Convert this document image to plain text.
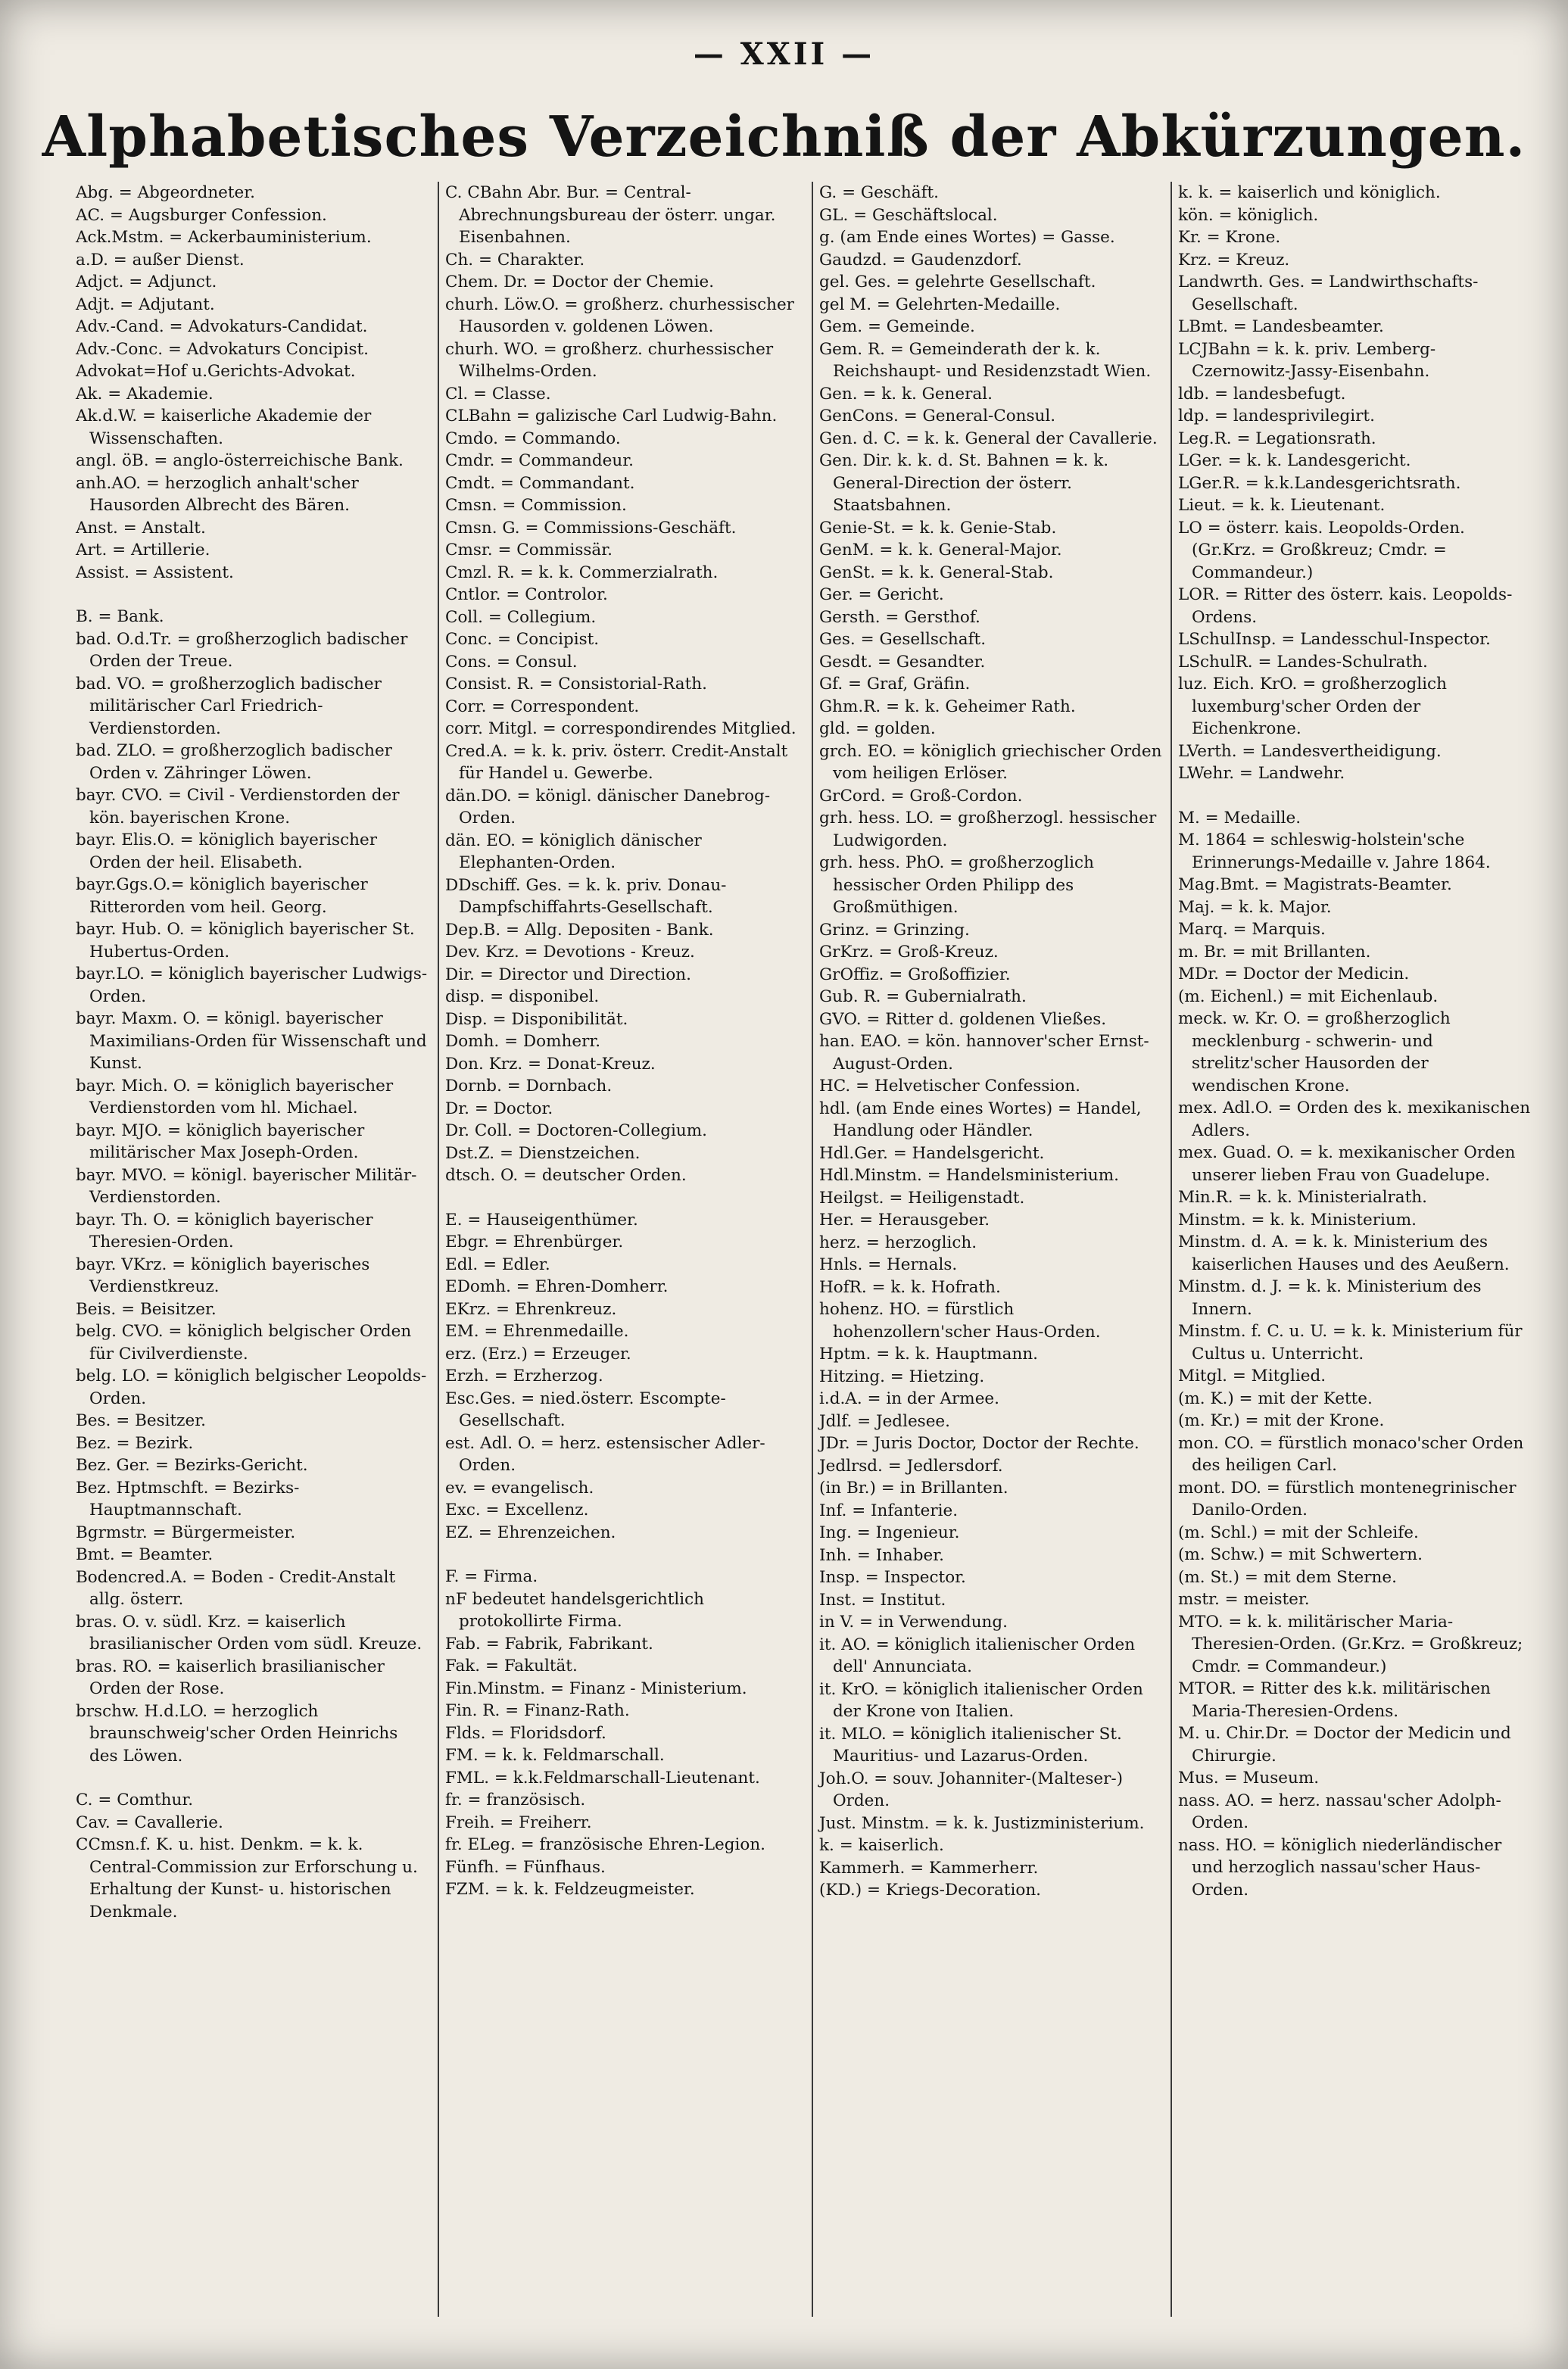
— XXII —
Alphabetisches Verzeichniß der Abkürzungen.
Abg. = Abgeordneter.
AC. = Augsburger Confession.
Ack.Mstm. = Ackerbauministerium.
a.D. = außer Dienst.
Adjct. = Adjunct.
Adjt. = Adjutant.
Adv.-Cand. = Advokaturs-Candidat.
Adv.-Conc. = Advokaturs Concipist.
Advokat=Hof u.Gerichts-Advokat.
Ak. = Akademie.
Ak.d.W. = kaiserliche Akademie der Wissenschaften.
angl. öB. = anglo-österreichische Bank.
anh.AO. = herzoglich anhalt'scher Hausorden Albrecht des Bären.
Anst. = Anstalt.
Art. = Artillerie.
Assist. = Assistent.
B. = Bank.
bad. O.d.Tr. = großherzoglich badischer Orden der Treue.
bad. VO. = großherzoglich badischer militärischer Carl Friedrich-Verdienstorden.
bad. ZLO. = großherzoglich badischer Orden v. Zähringer Löwen.
bayr. CVO. = Civil - Verdienstorden der kön. bayerischen Krone.
bayr. Elis.O. = königlich bayerischer Orden der heil. Elisabeth.
bayr.Ggs.O.= königlich bayerischer Ritterorden vom heil. Georg.
bayr. Hub. O. = königlich bayerischer St. Hubertus-Orden.
bayr.LO. = königlich bayerischer Ludwigs-Orden.
bayr. Maxm. O. = königl. bayerischer Maximilians-Orden für Wissenschaft und Kunst.
bayr. Mich. O. = königlich bayerischer Verdienstorden vom hl. Michael.
bayr. MJO. = königlich bayerischer militärischer Max Joseph-Orden.
bayr. MVO. = königl. bayerischer Militär-Verdienstorden.
bayr. Th. O. = königlich bayerischer Theresien-Orden.
bayr. VKrz. = königlich bayerisches Verdienstkreuz.
Beis. = Beisitzer.
belg. CVO. = königlich belgischer Orden für Civilverdienste.
belg. LO. = königlich belgischer Leopolds-Orden.
Bes. = Besitzer.
Bez. = Bezirk.
Bez. Ger. = Bezirks-Gericht.
Bez. Hptmschft. = Bezirks-Hauptmannschaft.
Bgrmstr. = Bürgermeister.
Bmt. = Beamter.
Bodencred.A. = Boden - Credit-Anstalt allg. österr.
bras. O. v. südl. Krz. = kaiserlich brasilianischer Orden vom südl. Kreuze.
bras. RO. = kaiserlich brasilianischer Orden der Rose.
brschw. H.d.LO. = herzoglich braunschweig'scher Orden Heinrichs des Löwen.
C. = Comthur.
Cav. = Cavallerie.
CCmsn.f. K. u. hist. Denkm. = k. k. Central-Commission zur Erforschung u. Erhaltung der Kunst- u. historischen Denkmale.
C. CBahn Abr. Bur. = Central-Abrechnungsbureau der österr. ungar. Eisenbahnen.
Ch. = Charakter.
Chem. Dr. = Doctor der Chemie.
churh. Löw.O. = großherz. churhessischer Hausorden v. goldenen Löwen.
churh. WO. = großherz. churhessischer Wilhelms-Orden.
Cl. = Classe.
CLBahn = galizische Carl Ludwig-Bahn.
Cmdo. = Commando.
Cmdr. = Commandeur.
Cmdt. = Commandant.
Cmsn. = Commission.
Cmsn. G. = Commissions-Geschäft.
Cmsr. = Commissär.
Cmzl. R. = k. k. Commerzialrath.
Cntlor. = Controlor.
Coll. = Collegium.
Conc. = Concipist.
Cons. = Consul.
Consist. R. = Consistorial-Rath.
Corr. = Correspondent.
corr. Mitgl. = correspondirendes Mitglied.
Cred.A. = k. k. priv. österr. Credit-Anstalt für Handel u. Gewerbe.
dän.DO. = königl. dänischer Danebrog-Orden.
dän. EO. = königlich dänischer Elephanten-Orden.
DDschiff. Ges. = k. k. priv. Donau-Dampfschiffahrts-Gesellschaft.
Dep.B. = Allg. Depositen - Bank.
Dev. Krz. = Devotions - Kreuz.
Dir. = Director und Direction.
disp. = disponibel.
Disp. = Disponibilität.
Domh. = Domherr.
Don. Krz. = Donat-Kreuz.
Dornb. = Dornbach.
Dr. = Doctor.
Dr. Coll. = Doctoren-Collegium.
Dst.Z. = Dienstzeichen.
dtsch. O. = deutscher Orden.
E. = Hauseigenthümer.
Ebgr. = Ehrenbürger.
Edl. = Edler.
EDomh. = Ehren-Domherr.
EKrz. = Ehrenkreuz.
EM. = Ehrenmedaille.
erz. (Erz.) = Erzeuger.
Erzh. = Erzherzog.
Esc.Ges. = nied.österr. Escompte-Gesellschaft.
est. Adl. O. = herz. estensischer Adler-Orden.
ev. = evangelisch.
Exc. = Excellenz.
EZ. = Ehrenzeichen.
F. = Firma.
nF bedeutet handelsgerichtlich protokollirte Firma.
Fab. = Fabrik, Fabrikant.
Fak. = Fakultät.
Fin.Minstm. = Finanz - Ministerium.
Fin. R. = Finanz-Rath.
Flds. = Floridsdorf.
FM. = k. k. Feldmarschall.
FML. = k.k.Feldmarschall-Lieutenant.
fr. = französisch.
Freih. = Freiherr.
fr. ELeg. = französische Ehren-Legion.
Fünfh. = Fünfhaus.
FZM. = k. k. Feldzeugmeister.
G. = Geschäft.
GL. = Geschäftslocal.
g. (am Ende eines Wortes) = Gasse.
Gaudzd. = Gaudenzdorf.
gel. Ges. = gelehrte Gesellschaft.
gel M. = Gelehrten-Medaille.
Gem. = Gemeinde.
Gem. R. = Gemeinderath der k. k. Reichshaupt- und Residenzstadt Wien.
Gen. = k. k. General.
GenCons. = General-Consul.
Gen. d. C. = k. k. General der Cavallerie.
Gen. Dir. k. k. d. St. Bahnen = k. k. General-Direction der österr. Staatsbahnen.
Genie-St. = k. k. Genie-Stab.
GenM. = k. k. General-Major.
GenSt. = k. k. General-Stab.
Ger. = Gericht.
Gersth. = Gersthof.
Ges. = Gesellschaft.
Gesdt. = Gesandter.
Gf. = Graf, Gräfin.
Ghm.R. = k. k. Geheimer Rath.
gld. = golden.
grch. EO. = königlich griechischer Orden vom heiligen Erlöser.
GrCord. = Groß-Cordon.
grh. hess. LO. = großherzogl. hessischer Ludwigorden.
grh. hess. PhO. = großherzoglich hessischer Orden Philipp des Großmüthigen.
Grinz. = Grinzing.
GrKrz. = Groß-Kreuz.
GrOffiz. = Großoffizier.
Gub. R. = Gubernialrath.
GVO. = Ritter d. goldenen Vließes.
han. EAO. = kön. hannover'scher Ernst-August-Orden.
HC. = Helvetischer Confession.
hdl. (am Ende eines Wortes) = Handel, Handlung oder Händler.
Hdl.Ger. = Handelsgericht.
Hdl.Minstm. = Handelsministerium.
Heilgst. = Heiligenstadt.
Her. = Herausgeber.
herz. = herzoglich.
Hnls. = Hernals.
HofR. = k. k. Hofrath.
hohenz. HO. = fürstlich hohenzollern'scher Haus-Orden.
Hptm. = k. k. Hauptmann.
Hitzing. = Hietzing.
i.d.A. = in der Armee.
Jdlf. = Jedlesee.
JDr. = Juris Doctor, Doctor der Rechte.
Jedlrsd. = Jedlersdorf.
(in Br.) = in Brillanten.
Inf. = Infanterie.
Ing. = Ingenieur.
Inh. = Inhaber.
Insp. = Inspector.
Inst. = Institut.
in V. = in Verwendung.
it. AO. = königlich italienischer Orden dell' Annunciata.
it. KrO. = königlich italienischer Orden der Krone von Italien.
it. MLO. = königlich italienischer St. Mauritius- und Lazarus-Orden.
Joh.O. = souv. Johanniter-(Malteser-) Orden.
Just. Minstm. = k. k. Justizministerium.
k. = kaiserlich.
Kammerh. = Kammerherr.
(KD.) = Kriegs-Decoration.
k. k. = kaiserlich und königlich.
kön. = königlich.
Kr. = Krone.
Krz. = Kreuz.
Landwrth. Ges. = Landwirthschafts-Gesellschaft.
LBmt. = Landesbeamter.
LCJBahn = k. k. priv. Lemberg-Czernowitz-Jassy-Eisenbahn.
ldb. = landesbefugt.
ldp. = landesprivilegirt.
Leg.R. = Legationsrath.
LGer. = k. k. Landesgericht.
LGer.R. = k.k.Landesgerichtsrath.
Lieut. = k. k. Lieutenant.
LO = österr. kais. Leopolds-Orden. (Gr.Krz. = Großkreuz; Cmdr. = Commandeur.)
LOR. = Ritter des österr. kais. Leopolds-Ordens.
LSchulInsp. = Landesschul-Inspector.
LSchulR. = Landes-Schulrath.
luz. Eich. KrO. = großherzoglich luxemburg'scher Orden der Eichenkrone.
LVerth. = Landesvertheidigung.
LWehr. = Landwehr.
M. = Medaille.
M. 1864 = schleswig-holstein'sche Erinnerungs-Medaille v. Jahre 1864.
Mag.Bmt. = Magistrats-Beamter.
Maj. = k. k. Major.
Marq. = Marquis.
m. Br. = mit Brillanten.
MDr. = Doctor der Medicin.
(m. Eichenl.) = mit Eichenlaub.
meck. w. Kr. O. = großherzoglich mecklenburg - schwerin- und strelitz'scher Hausorden der wendischen Krone.
mex. Adl.O. = Orden des k. mexikanischen Adlers.
mex. Guad. O. = k. mexikanischer Orden unserer lieben Frau von Guadelupe.
Min.R. = k. k. Ministerialrath.
Minstm. = k. k. Ministerium.
Minstm. d. A. = k. k. Ministerium des kaiserlichen Hauses und des Aeußern.
Minstm. d. J. = k. k. Ministerium des Innern.
Minstm. f. C. u. U. = k. k. Ministerium für Cultus u. Unterricht.
Mitgl. = Mitglied.
(m. K.) = mit der Kette.
(m. Kr.) = mit der Krone.
mon. CO. = fürstlich monaco'scher Orden des heiligen Carl.
mont. DO. = fürstlich montenegrinischer Danilo-Orden.
(m. Schl.) = mit der Schleife.
(m. Schw.) = mit Schwertern.
(m. St.) = mit dem Sterne.
mstr. = meister.
MTO. = k. k. militärischer Maria-Theresien-Orden. (Gr.Krz. = Großkreuz; Cmdr. = Commandeur.)
MTOR. = Ritter des k.k. militärischen Maria-Theresien-Ordens.
M. u. Chir.Dr. = Doctor der Medicin und Chirurgie.
Mus. = Museum.
nass. AO. = herz. nassau'scher Adolph-Orden.
nass. HO. = königlich niederländischer und herzoglich nassau'scher Haus-Orden.
